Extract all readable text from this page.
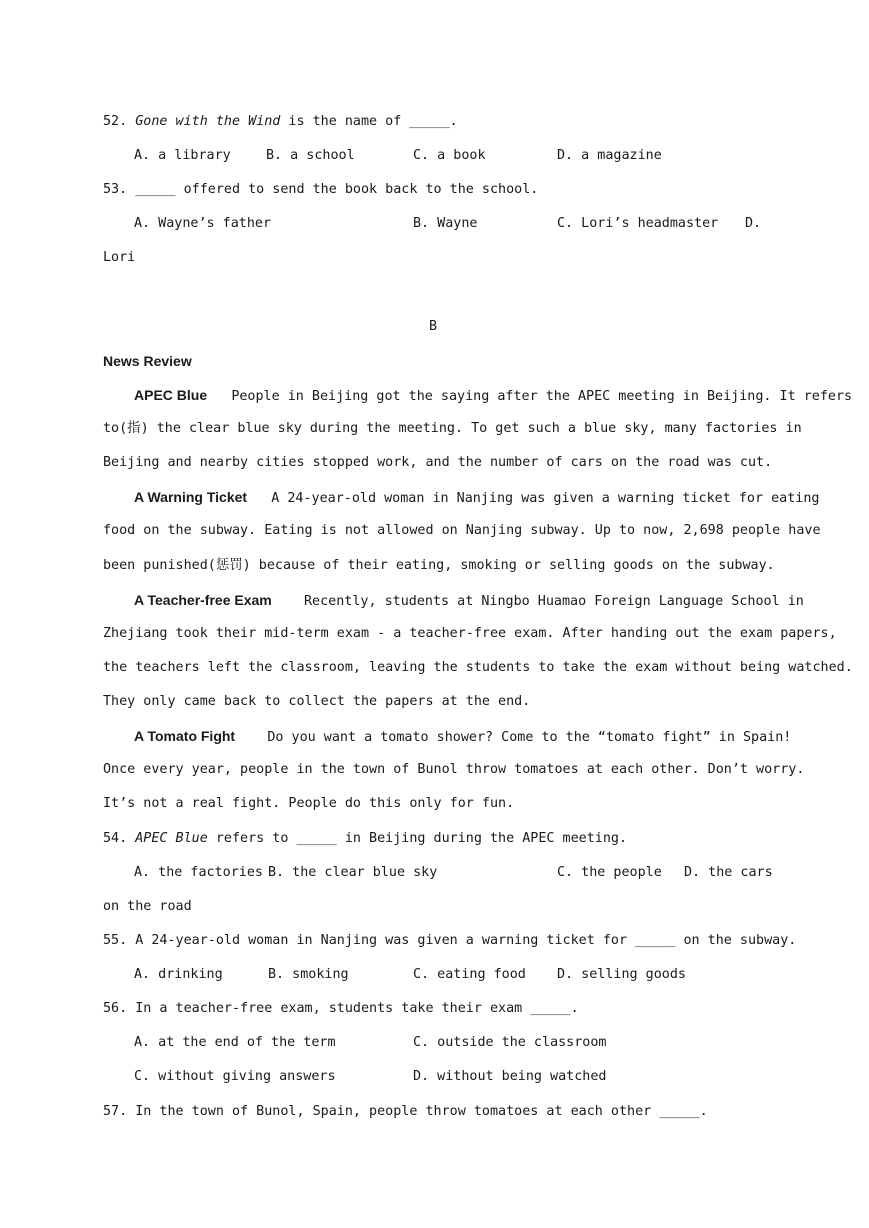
52. Gone with the Wind is the name of _____.
A. a library	B. a school	C. a book	D. a magazine
53. _____ offered to send the book back to the school.
A. Wayne’s father	B. Wayne	C. Lori’s headmaster D.
Lori
B
News Review
APEC Blue People in Beijing got the saying after the APEC meeting in Beijing. It refers
to(指) the clear blue sky during the meeting. To get such a blue sky, many factories in
Beijing and nearby cities stopped work, and the number of cars on the road was cut.
A Warning Ticket A 24-year-old woman in Nanjing was given a warning ticket for eating
food on the subway. Eating is not allowed on Nanjing subway. Up to now, 2,698 people have
been punished(惩罚) because of their eating, smoking or selling goods on the subway.
A Teacher-free Exam Recently, students at Ningbo Huamao Foreign Language School in
Zhejiang took their mid-term exam - a teacher-free exam. After handing out the exam papers,
the teachers left the classroom, leaving the students to take the exam without being watched.
They only came back to collect the papers at the end.
A Tomato Fight Do you want a tomato shower? Come to the “tomato fight” in Spain!
Once every year, people in the town of Bunol throw tomatoes at each other. Don’t worry.
It’s not a real fight. People do this only for fun.
54. APEC Blue refers to _____ in Beijing during the APEC meeting.
A. the factories B. the clear blue sky	C. the people D. the cars
on the road
55. A 24-year-old woman in Nanjing was given a warning ticket for _____ on the subway.
A. drinking	B. smoking	C. eating food D. selling goods
56. In a teacher-free exam, students take their exam _____.
A. at the end of the term	C. outside the classroom
C. without giving answers	D. without being watched
57. In the town of Bunol, Spain, people throw tomatoes at each other _____.
